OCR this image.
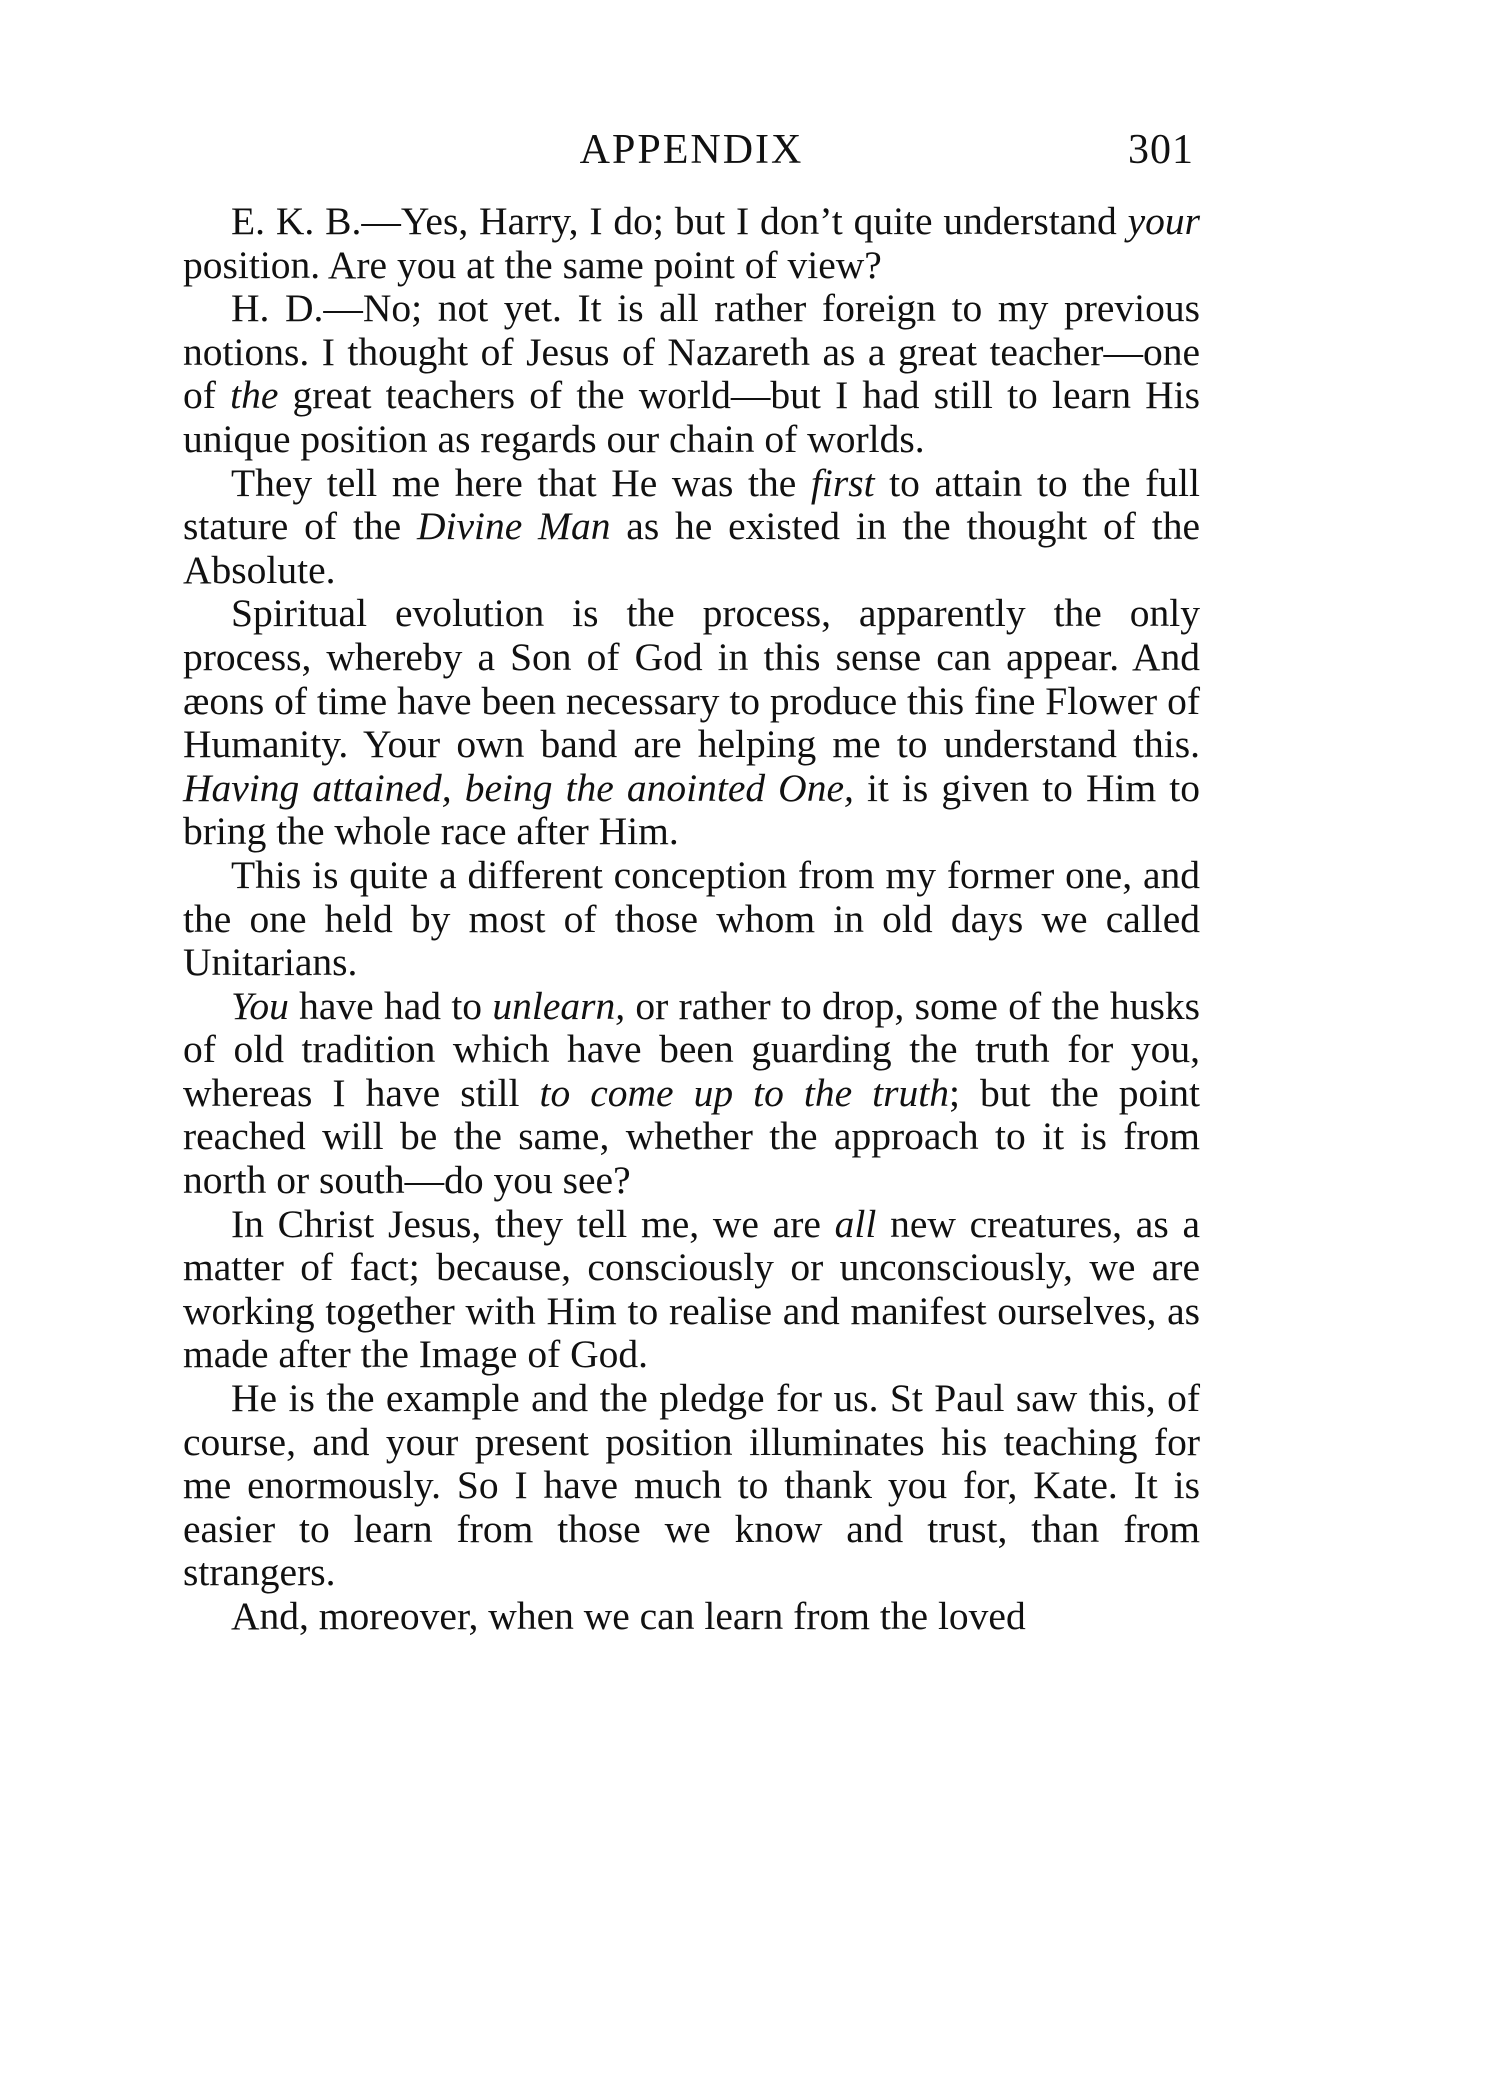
APPENDIX	301

E. K. B.—Yes, Harry, I do; but I don’t quite understand your position. Are you at the same point of view?

H. D.—No; not yet. It is all rather foreign to my previous notions. I thought of Jesus of Nazareth as a great teacher—one of the great teachers of the world—but I had still to learn His unique position as regards our chain of worlds.

They tell me here that He was the first to attain to the full stature of the Divine Man as he existed in the thought of the Absolute.

Spiritual evolution is the process, apparently the only process, whereby a Son of God in this sense can appear. And æons of time have been necessary to produce this fine Flower of Humanity. Your own band are helping me to understand this. Having attained, being the anointed One, it is given to Him to bring the whole race after Him.

This is quite a different conception from my former one, and the one held by most of those whom in old days we called Unitarians.

You have had to unlearn, or rather to drop, some of the husks of old tradition which have been guarding the truth for you, whereas I have still to come up to the truth; but the point reached will be the same, whether the approach to it is from north or south—do you see?

In Christ Jesus, they tell me, we are all new creatures, as a matter of fact; because, consciously or unconsciously, we are working together with Him to realise and manifest ourselves, as made after the Image of God.

He is the example and the pledge for us. St Paul saw this, of course, and your present position illuminates his teaching for me enormously. So I have much to thank you for, Kate. It is easier to learn from those we know and trust, than from strangers.

And, moreover, when we can learn from the loved
